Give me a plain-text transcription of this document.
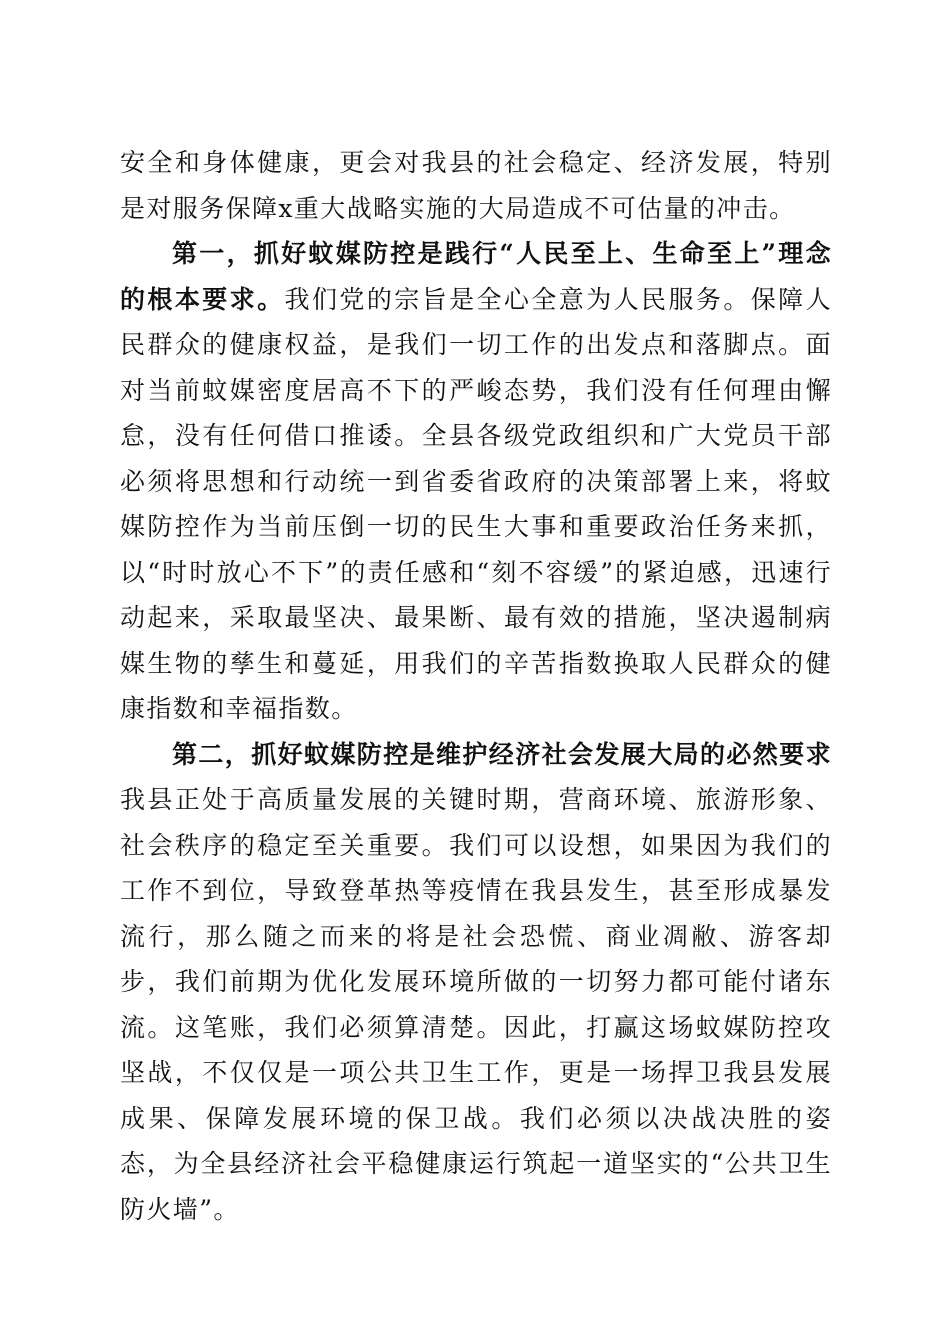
安全和身体健康，更会对我县的社会稳定、经济发展，特别是对服务保障x重大战略实施的大局造成不可估量的冲击。

第一，抓好蚊媒防控是践行“人民至上、生命至上”理念的根本要求。我们党的宗旨是全心全意为人民服务。保障人民群众的健康权益，是我们一切工作的出发点和落脚点。面对当前蚊媒密度居高不下的严峻态势，我们没有任何理由懈怠，没有任何借口推诿。全县各级党政组织和广大党员干部必须将思想和行动统一到省委省政府的决策部署上来，将蚊媒防控作为当前压倒一切的民生大事和重要政治任务来抓，以“时时放心不下”的责任感和“刻不容缓”的紧迫感，迅速行动起来，采取最坚决、最果断、最有效的措施，坚决遏制病媒生物的孳生和蔓延，用我们的辛苦指数换取人民群众的健康指数和幸福指数。

第二，抓好蚊媒防控是维护经济社会发展大局的必然要求我县正处于高质量发展的关键时期，营商环境、旅游形象、社会秩序的稳定至关重要。我们可以设想，如果因为我们的工作不到位，导致登革热等疫情在我县发生，甚至形成暴发流行，那么随之而来的将是社会恐慌、商业凋敝、游客却步，我们前期为优化发展环境所做的一切努力都可能付诸东流。这笔账，我们必须算清楚。因此，打赢这场蚊媒防控攻坚战，不仅仅是一项公共卫生工作，更是一场捍卫我县发展成果、保障发展环境的保卫战。我们必须以决战决胜的姿态，为全县经济社会平稳健康运行筑起一道坚实的“公共卫生防火墙”。
